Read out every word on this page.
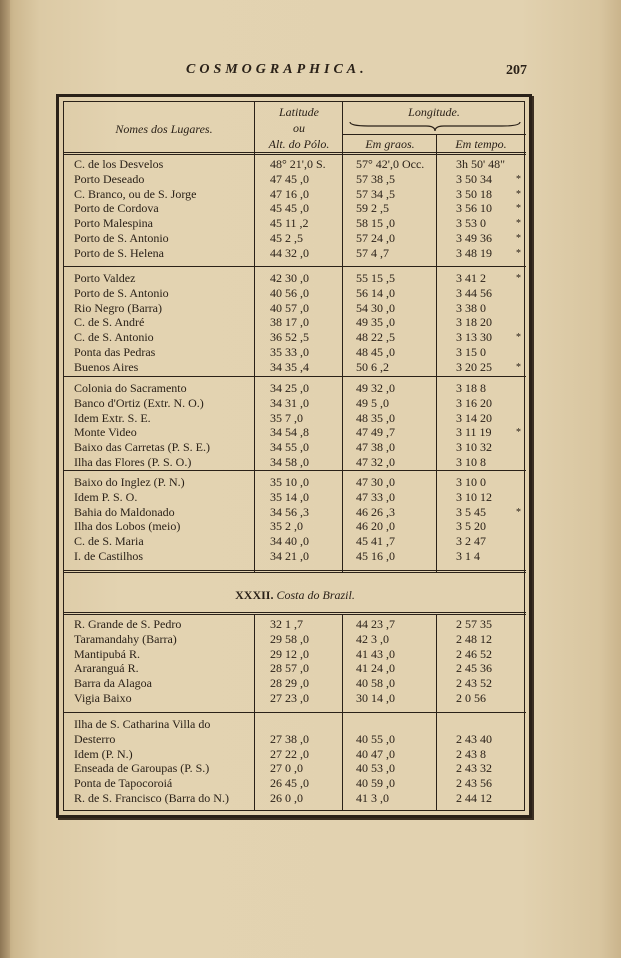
COSMOGRAPHICA.	207
Nomes dos Lugares.
Latitude
ou
Alt. do Pólo.
Longitude.
Em graos.	Em tempo.
XXXII. Costa do Brazil.
C. de los Desvelos	48° 21',0 S.	57° 42',0 Occ.	3h 50' 48"
Porto Deseado	47 45 ,0	57 38 ,5	3 50 34 *
C. Branco, ou de S. Jorge	47 16 ,0	57 34 ,5	3 50 18 *
Porto de Cordova	45 45 ,0	59 2 ,5	3 56 10 *
Porto Malespina	45 11 ,2	58 15 ,0	3 53 0	*
Porto de S. Antonio	45 2 ,5	57 24 ,0	3 49 36 *
Porto de S. Helena	44 32 ,0	57 4 ,7	3 48 19 *
Porto Valdez	42 30 ,0	55 15 ,5	3 41 2	*
Porto de S. Antonio	40 56 ,0	56 14 ,0	3 44 56
Rio Negro (Barra)	40 57 ,0	54 30 ,0	3 38 0
C. de S. André	38 17 ,0	49 35 ,0	3 18 20
C. de S. Antonio	36 52 ,5	48 22 ,5	3 13 30 *
Ponta das Pedras	35 33 ,0	48 45 ,0	3 15 0
Buenos Aires	34 35 ,4	50 6 ,2	3 20 25 *
Colonia do Sacramento	34 25 ,0	49 32 ,0	3 18 8
Banco d'Ortiz (Extr. N. O.)	34 31 ,0	49 5 ,0	3 16 20
Idem Extr. S. E.	35 7 ,0	48 35 ,0	3 14 20
Monte Video	34 54 ,8	47 49 ,7	3 11 19 *
Baixo das Carretas (P. S. E.)	34 55 ,0	47 38 ,0	3 10 32
Ilha das Flores (P. S. O.)	34 58 ,0	47 32 ,0	3 10 8
Baixo do Inglez (P. N.)	35 10 ,0	47 30 ,0	3 10 0
Idem P. S. O.	35 14 ,0	47 33 ,0	3 10 12
Bahia do Maldonado	34 56 ,3	46 26 ,3	3 5 45	*
Ilha dos Lobos (meio)	35 2 ,0	46 20 ,0	3 5 20
C. de S. Maria	34 40 ,0	45 41 ,7	3 2 47
I. de Castilhos	34 21 ,0	45 16 ,0	3 1 4
R. Grande de S. Pedro	32 1 ,7	44 23 ,7	2 57 35
Taramandahy (Barra)	29 58 ,0	42 3 ,0	2 48 12
Mantipubá R.	29 12 ,0	41 43 ,0	2 46 52
Araranguá R.	28 57 ,0	41 24 ,0	2 45 36
Barra da Alagoa	28 29 ,0	40 58 ,0	2 43 52
Vigia Baixo	27 23 ,0	30 14 ,0	2 0 56
Ilha de S. Catharina Villa do
Desterro	27 38 ,0	40 55 ,0	2 43 40
Idem (P. N.)	27 22 ,0	40 47 ,0	2 43 8
Enseada de Garoupas (P. S.)	27 0 ,0	40 53 ,0	2 43 32
Ponta de Tapocoroiá	26 45 ,0	40 59 ,0	2 43 56
R. de S. Francisco (Barra do N.)	26 0 ,0	41 3 ,0	2 44 12
